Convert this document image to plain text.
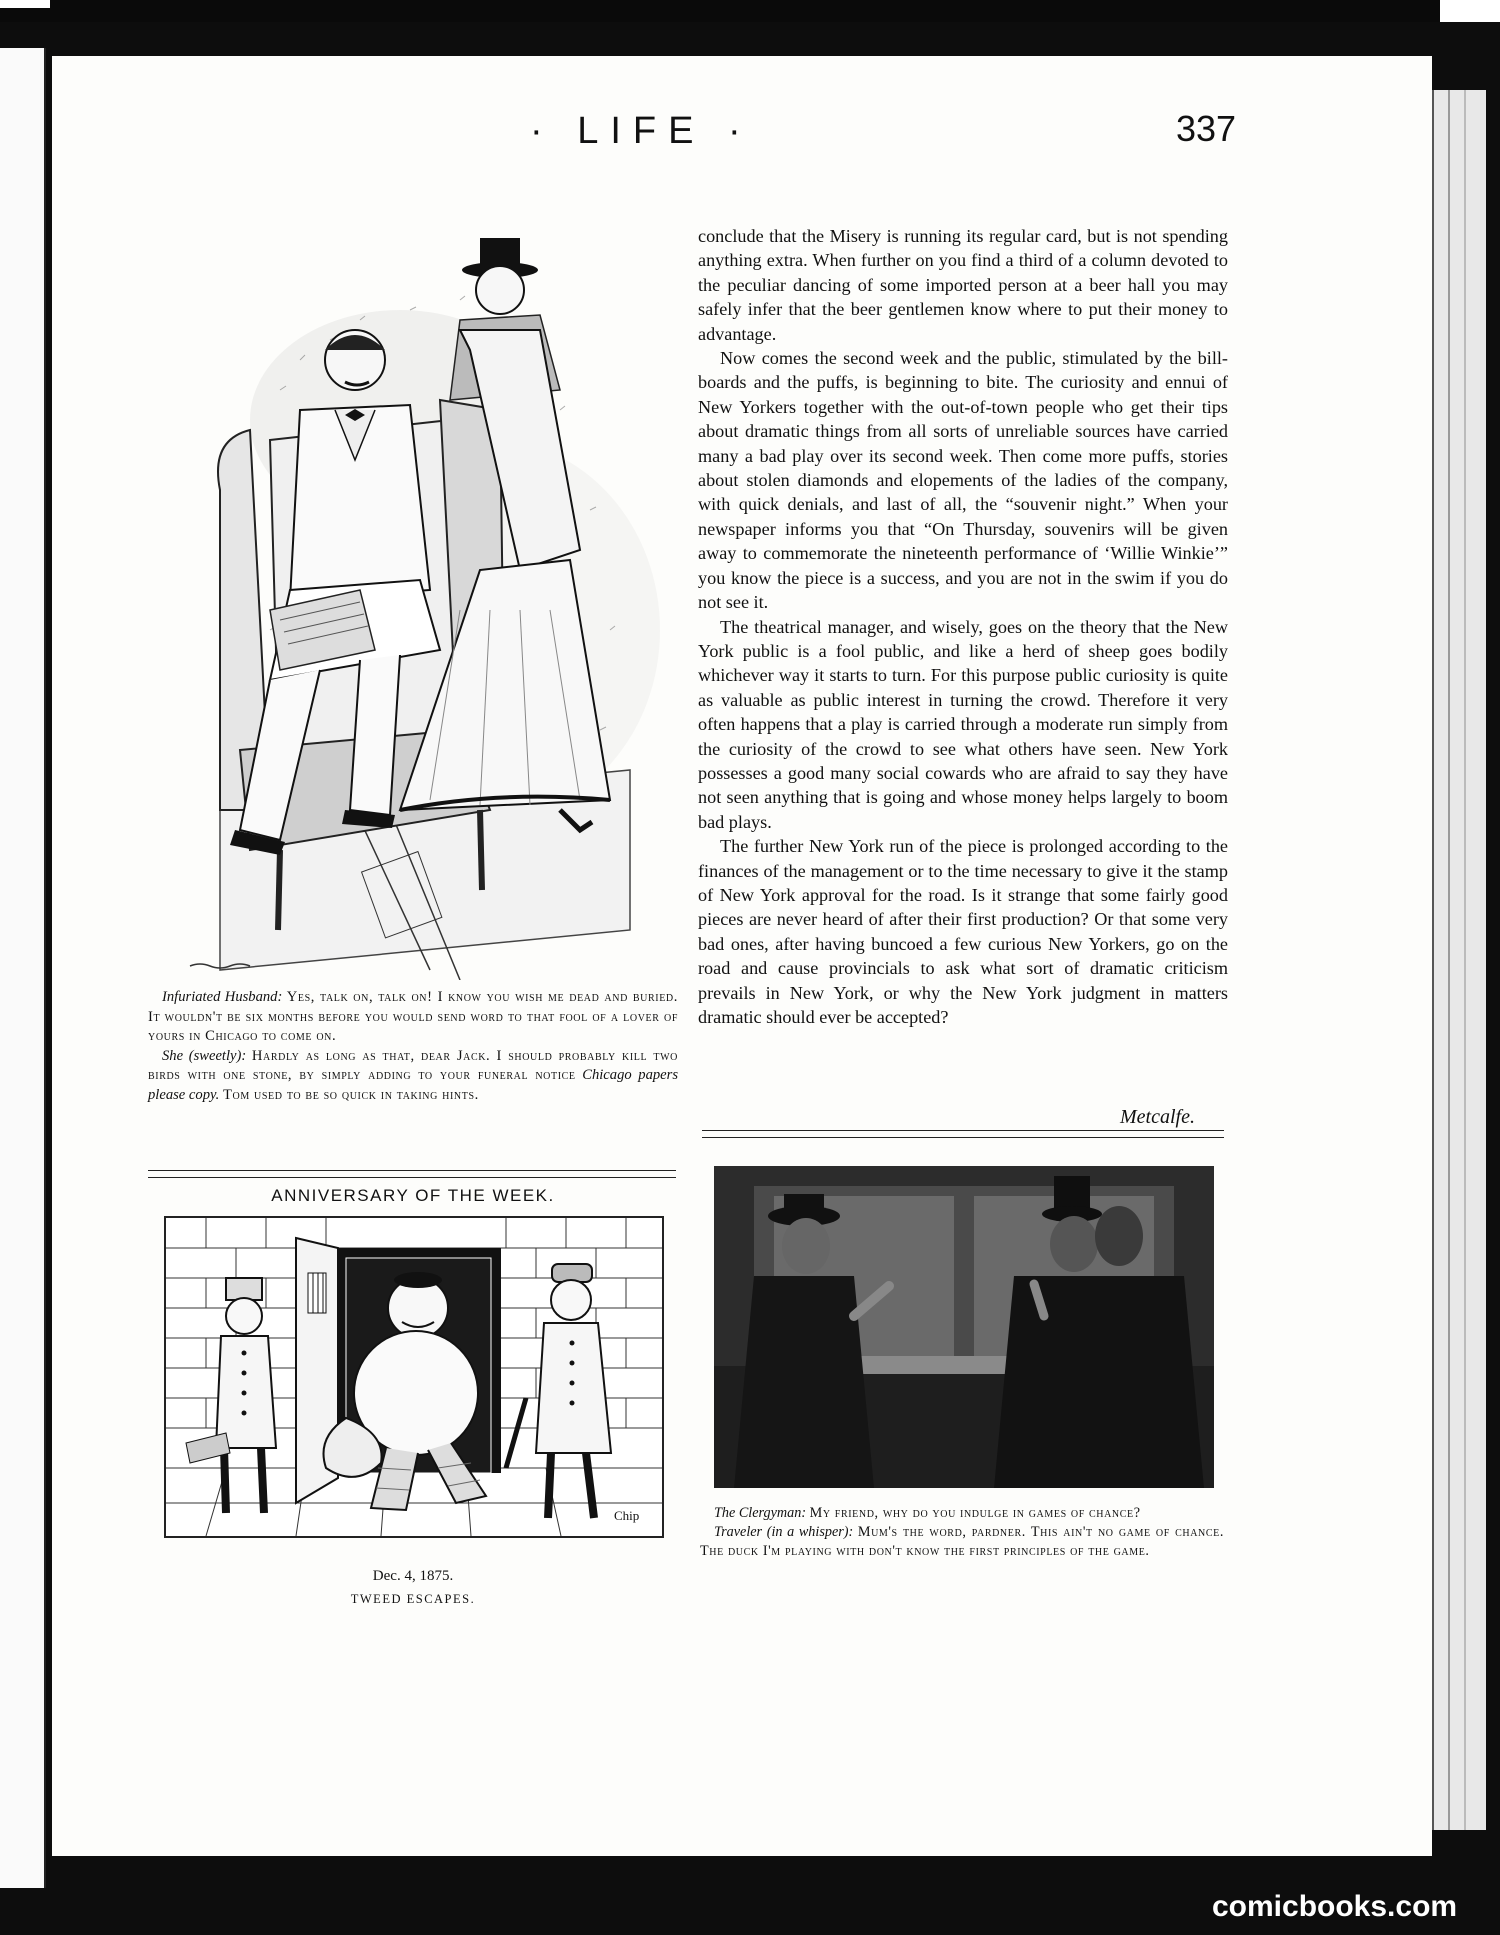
· LIFE ·	337

Infuriated Husband: Yes, talk on, talk on! I know you wish me dead and buried. It wouldn't be six months before you would send word to that fool of a lover of yours in Chicago to come on.

She (sweetly): Hardly as long as that, dear Jack. I should probably kill two birds with one stone, by simply adding to your funeral notice Chicago papers please copy. Tom used to be so quick in taking hints.

ANNIVERSARY OF THE WEEK.
Chip
Dec. 4, 1875.
TWEED ESCAPES.

conclude that the Misery is running its regular card, but is not spending anything extra. When further on you find a third of a column devoted to the peculiar dancing of some imported person at a beer hall you may safely infer that the beer gentlemen know where to put their money to advantage.

Now comes the second week and the public, stimulated by the bill-boards and the puffs, is beginning to bite. The curiosity and ennui of New Yorkers together with the out-of-town people who get their tips about dramatic things from all sorts of unreliable sources have carried many a bad play over its second week. Then come more puffs, stories about stolen diamonds and elopements of the ladies of the company, with quick denials, and last of all, the “souvenir night.” When your newspaper informs you that “On Thursday, souvenirs will be given away to commemorate the nineteenth performance of ‘Willie Winkie’” you know the piece is a success, and you are not in the swim if you do not see it.

The theatrical manager, and wisely, goes on the theory that the New York public is a fool public, and like a herd of sheep goes bodily whichever way it starts to turn. For this purpose public curiosity is quite as valuable as public interest in turning the crowd. Therefore it very often happens that a play is carried through a moderate run simply from the curiosity of the crowd to see what others have seen. New York possesses a good many social cowards who are afraid to say they have not seen anything that is going and whose money helps largely to boom bad plays.

The further New York run of the piece is prolonged according to the finances of the management or to the time necessary to give it the stamp of New York approval for the road. Is it strange that some fairly good pieces are never heard of after their first production? Or that some very bad ones, after having buncoed a few curious New Yorkers, go on the road and cause provincials to ask what sort of dramatic criticism prevails in New York, or why the New York judgment in matters dramatic should ever be accepted?

Metcalfe.

The Clergyman: My friend, why do you indulge in games of chance?

Traveler (in a whisper): Mum's the word, pardner. This ain't no game of chance. The duck I'm playing with don't know the first principles of the game.

comicbooks.com
